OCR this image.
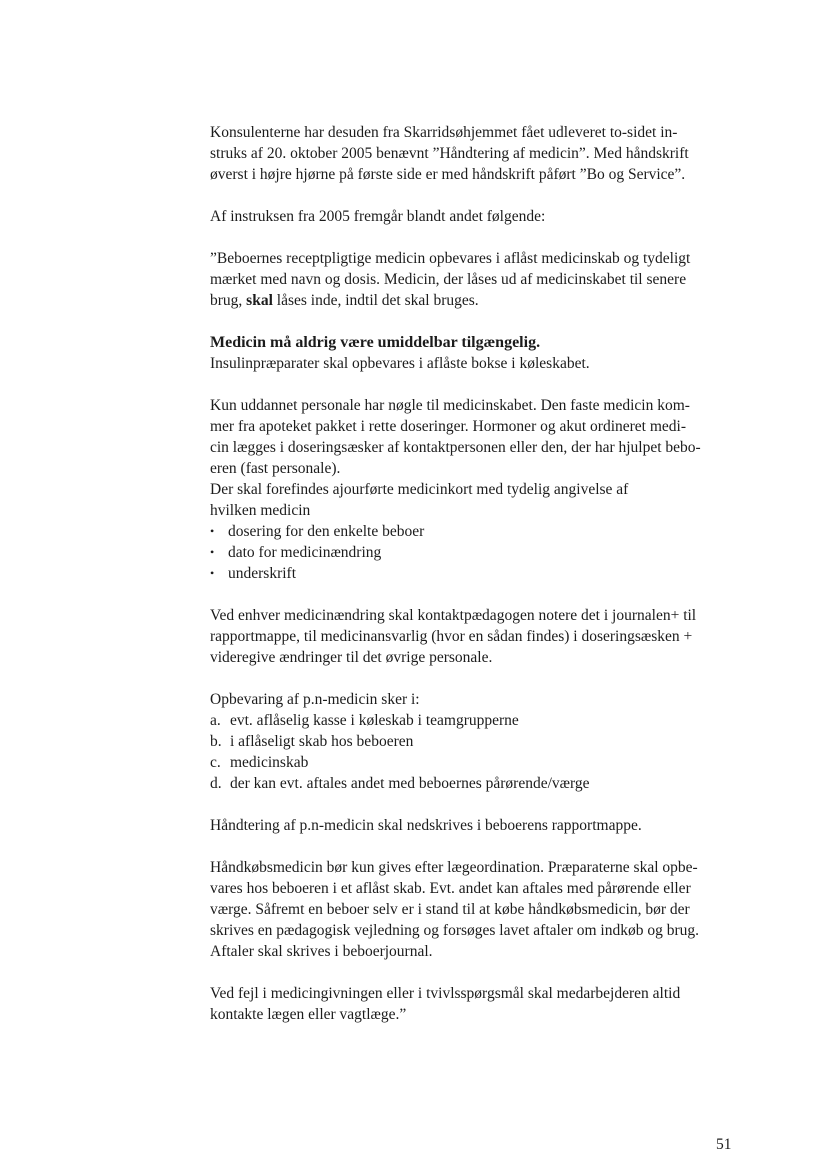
Konsulenterne har desuden fra Skarridsøhjemmet fået udleveret to-sidet in-
struks af 20. oktober 2005 benævnt ”Håndtering af medicin”. Med håndskrift
øverst i højre hjørne på første side er med håndskrift påført ”Bo og Service”.

Af instruksen fra 2005 fremgår blandt andet følgende:

”Beboernes receptpligtige medicin opbevares i aflåst medicinskab og tydeligt
mærket med navn og dosis. Medicin, der låses ud af medicinskabet til senere
brug, skal låses inde, indtil det skal bruges.

Medicin må aldrig være umiddelbar tilgængelig.

Insulinpræparater skal opbevares i aflåste bokse i køleskabet.

Kun uddannet personale har nøgle til medicinskabet. Den faste medicin kom-
mer fra apoteket pakket i rette doseringer. Hormoner og akut ordineret medi-
cin lægges i doseringsæsker af kontaktpersonen eller den, der har hjulpet bebo-
eren (fast personale).

Der skal forefindes ajourførte medicinkort med tydelig angivelse af
hvilken medicin

• dosering for den enkelte beboer
• dato for medicinændring
• underskrift

Ved enhver medicinændring skal kontaktpædagogen notere det i journalen+ til
rapportmappe, til medicinansvarlig (hvor en sådan findes) i doseringsæsken +
videregive ændringer til det øvrige personale.

Opbevaring af p.n-medicin sker i:

a. evt. aflåselig kasse i køleskab i teamgrupperne
b. i aflåseligt skab hos beboeren
c. medicinskab
d. der kan evt. aftales andet med beboernes pårørende/værge

Håndtering af p.n-medicin skal nedskrives i beboerens rapportmappe.

Håndkøbsmedicin bør kun gives efter lægeordination. Præparaterne skal opbe-
vares hos beboeren i et aflåst skab. Evt. andet kan aftales med pårørende eller
værge. Såfremt en beboer selv er i stand til at købe håndkøbsmedicin, bør der
skrives en pædagogisk vejledning og forsøges lavet aftaler om indkøb og brug.
Aftaler skal skrives i beboerjournal.

Ved fejl i medicingivningen eller i tvivlsspørgsmål skal medarbejderen altid
kontakte lægen eller vagtlæge.”

51
